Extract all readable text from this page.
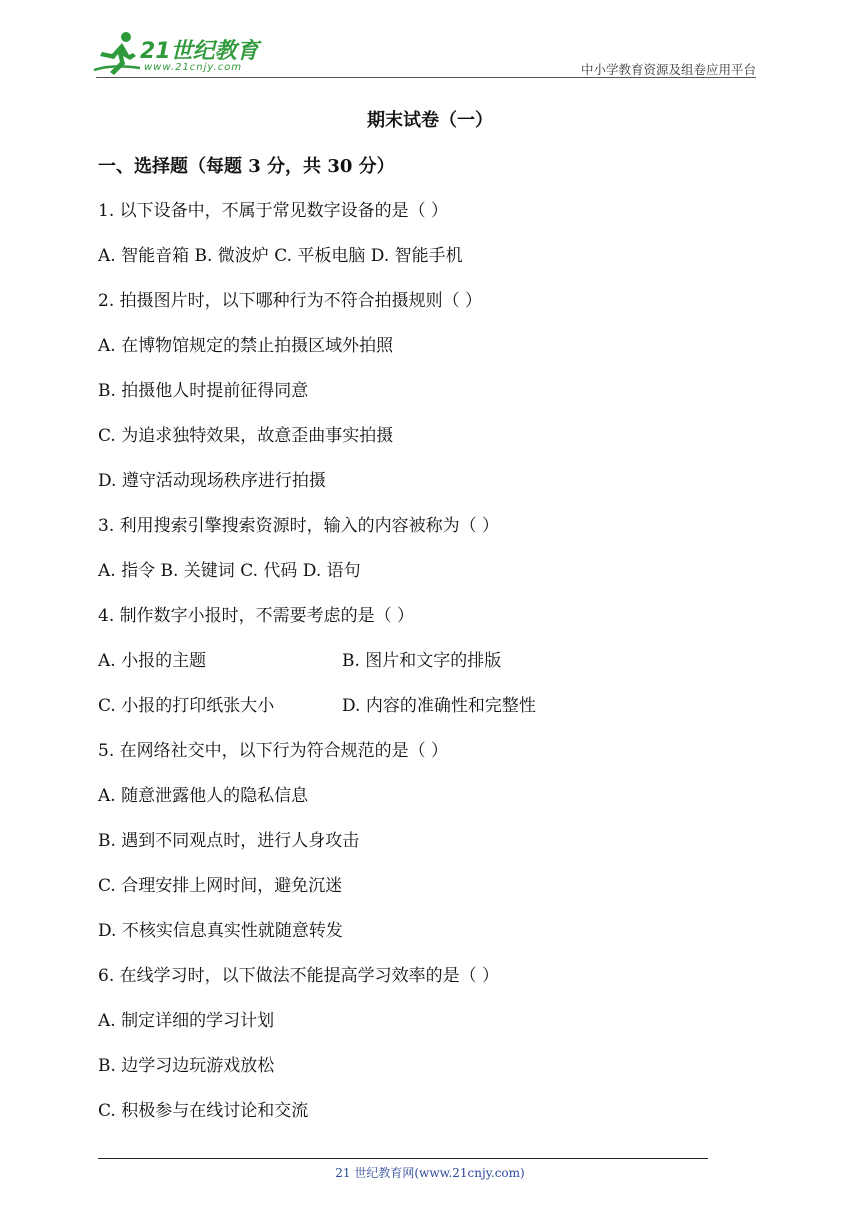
21世纪教育
www.21cnjy.com	中小学教育资源及组卷应用平台
期末试卷（一）
一、选择题（每题 3 分，共 30 分）
1. 以下设备中，不属于常见数字设备的是（ ）
A. 智能音箱 B. 微波炉 C. 平板电脑 D. 智能手机
2. 拍摄图片时，以下哪种行为不符合拍摄规则（ ）
A. 在博物馆规定的禁止拍摄区域外拍照
B. 拍摄他人时提前征得同意
C. 为追求独特效果，故意歪曲事实拍摄
D. 遵守活动现场秩序进行拍摄
3. 利用搜索引擎搜索资源时，输入的内容被称为（ ）
A. 指令 B. 关键词 C. 代码 D. 语句
4. 制作数字小报时，不需要考虑的是（ ）
A. 小报的主题	B. 图片和文字的排版
C. 小报的打印纸张大小	D. 内容的准确性和完整性
5. 在网络社交中，以下行为符合规范的是（ ）
A. 随意泄露他人的隐私信息
B. 遇到不同观点时，进行人身攻击
C. 合理安排上网时间，避免沉迷
D. 不核实信息真实性就随意转发
6. 在线学习时，以下做法不能提高学习效率的是（ ）
A. 制定详细的学习计划
B. 边学习边玩游戏放松
C. 积极参与在线讨论和交流
21 世纪教育网(www.21cnjy.com)
